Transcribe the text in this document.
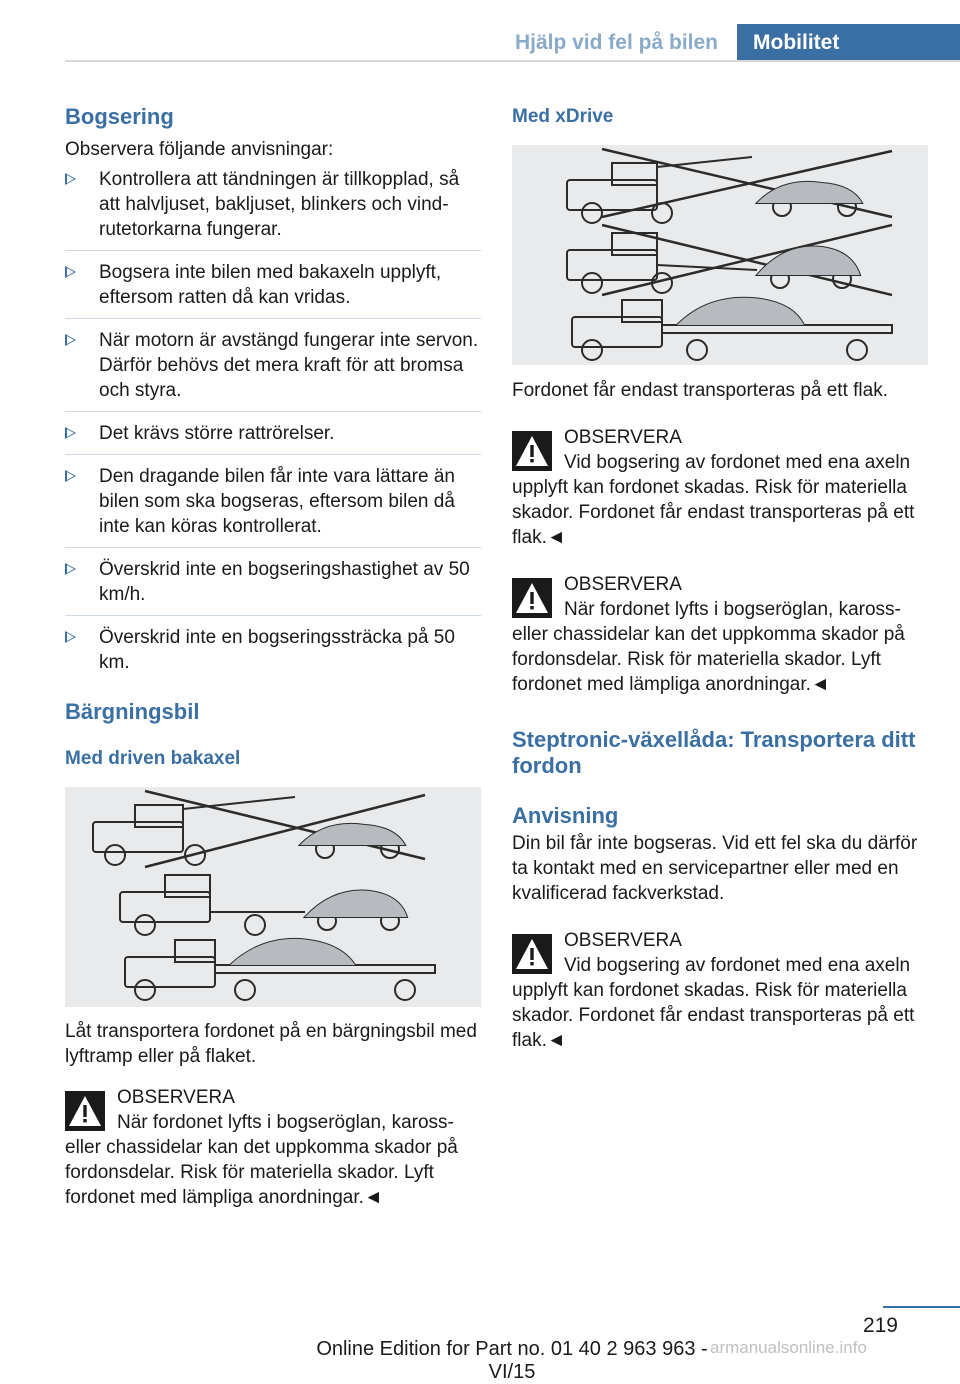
Hjälp vid fel på bilen	Mobilitet
Bogsering

Observera följande anvisningar:

Kontrollera att tändningen är tillkopplad, så att halvljuset, bakljuset, blinkers och vindrutetorkarna fungerar.
Bogsera inte bilen med bakaxeln upplyft, eftersom ratten då kan vridas.
När motorn är avstängd fungerar inte servon. Därför behövs det mera kraft för att bromsa och styra.
Det krävs större rattrörelser.
Den dragande bilen får inte vara lättare än bilen som ska bogseras, eftersom bilen då inte kan köras kontrollerat.
Överskrid inte en bogseringshastighet av 50 km/h.
Överskrid inte en bogseringssträcka på 50 km.
Bärgningsbil
Med driven bakaxel

Låt transportera fordonet på en bärgningsbil med lyftramp eller på flaket.

OBSERVERA
När fordonet lyfts i bogseröglan, kaross- eller chassidelar kan det uppkomma skador på fordonsdelar. Risk för materiella skador. Lyft fordonet med lämpliga anordningar.◄
Med xDrive

Fordonet får endast transporteras på ett flak.

OBSERVERA
Vid bogsering av fordonet med ena axeln upplyft kan fordonet skadas. Risk för materiella skador. Fordonet får endast transporteras på ett flak.◄
OBSERVERA
När fordonet lyfts i bogseröglan, kaross- eller chassidelar kan det uppkomma skador på fordonsdelar. Risk för materiella skador. Lyft fordonet med lämpliga anordningar.◄
Steptronic-växellåda: Transportera ditt fordon
Anvisning

Din bil får inte bogseras. Vid ett fel ska du därför ta kontakt med en servicepartner eller med en kvalificerad fackverkstad.

OBSERVERA
Vid bogsering av fordonet med ena axeln upplyft kan fordonet skadas. Risk för materiella skador. Fordonet får endast transporteras på ett flak.◄
219
Online Edition for Part no. 01 40 2 963 963 - VI/15
armanualsonline.info
